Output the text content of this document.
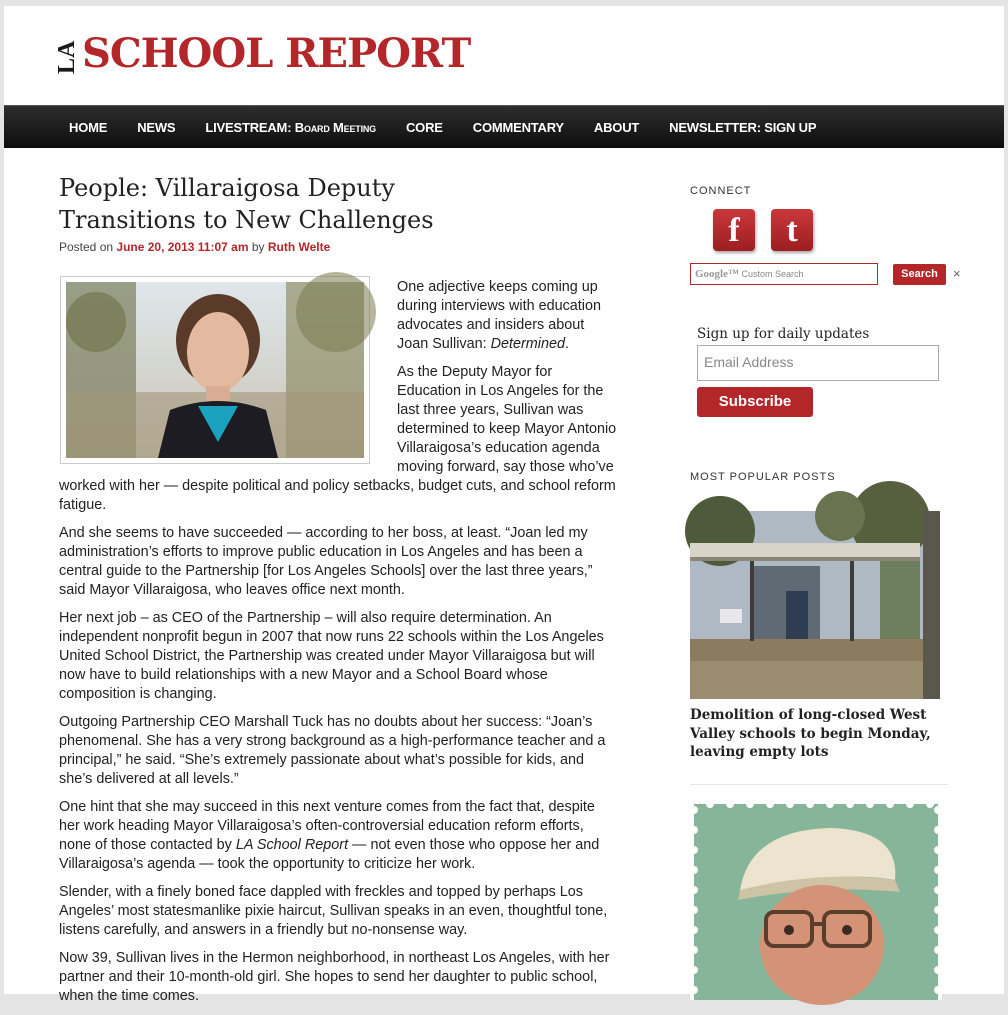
LA SCHOOL REPORT
HOME NEWS LIVESTREAM: Board Meeting CORE COMMENTARY ABOUT NEWSLETTER: SIGN UP
People: Villaraigosa Deputy Transitions to New Challenges
Posted on June 20, 2013 11:07 am by Ruth Welte

One adjective keeps coming up during interviews with education advocates and insiders about Joan Sullivan: Determined.

As the Deputy Mayor for Education in Los Angeles for the last three years, Sullivan was determined to keep Mayor Antonio Villaraigosa’s education agenda moving forward, say those who’ve worked with her — despite political and policy setbacks, budget cuts, and school reform fatigue.

And she seems to have succeeded — according to her boss, at least. “Joan led my administration’s efforts to improve public education in Los Angeles and has been a central guide to the Partnership [for Los Angeles Schools] over the last three years,” said Mayor Villaraigosa, who leaves office next month.

Her next job – as CEO of the Partnership – will also require determination. An independent nonprofit begun in 2007 that now runs 22 schools within the Los Angeles United School District, the Partnership was created under Mayor Villaraigosa but will now have to build relationships with a new Mayor and a School Board whose composition is changing.

Outgoing Partnership CEO Marshall Tuck has no doubts about her success: “Joan’s phenomenal. She has a very strong background as a high-performance teacher and a principal,” he said. “She’s extremely passionate about what’s possible for kids, and she’s delivered at all levels.”

One hint that she may succeed in this next venture comes from the fact that, despite her work heading Mayor Villaraigosa’s often-controversial education reform efforts, none of those contacted by LA School Report — not even those who oppose her and Villaraigosa’s agenda — took the opportunity to criticize her work.

Slender, with a finely boned face dappled with freckles and topped by perhaps Los Angeles’ most statesmanlike pixie haircut, Sullivan speaks in an even, thoughtful tone, listens carefully, and answers in a friendly but no-nonsense way.

Now 39, Sullivan lives in the Hermon neighborhood, in northeast Los Angeles, with her partner and their 10-month-old girl. She hopes to send her daughter to public school, when the time comes.

CONNECT
f	t
Google™ Custom Search	Search	×
Sign up for daily updates
Email Address
Subscribe
MOST POPULAR POSTS
Demolition of long-closed West Valley schools to begin Monday, leaving empty lots
